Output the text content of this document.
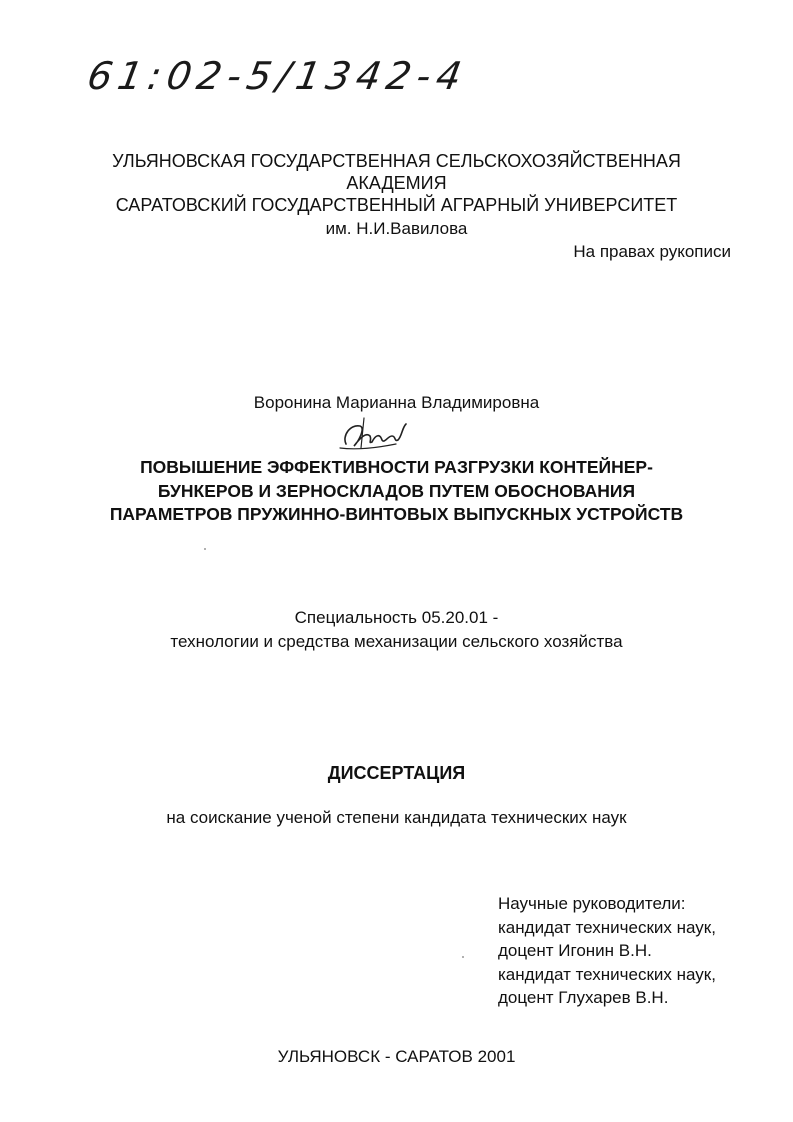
61:02-5/1342-4
УЛЬЯНОВСКАЯ ГОСУДАРСТВЕННАЯ СЕЛЬСКОХОЗЯЙСТВЕННАЯ
АКАДЕМИЯ
САРАТОВСКИЙ ГОСУДАРСТВЕННЫЙ АГРАРНЫЙ УНИВЕРСИТЕТ
им. Н.И.Вавилова
На правах рукописи
Воронина Марианна Владимировна
ПОВЫШЕНИЕ ЭФФЕКТИВНОСТИ РАЗГРУЗКИ КОНТЕЙНЕР-
БУНКЕРОВ И ЗЕРНОСКЛАДОВ ПУТЕМ ОБОСНОВАНИЯ
ПАРАМЕТРОВ ПРУЖИННО-ВИНТОВЫХ ВЫПУСКНЫХ УСТРОЙСТВ
Специальность 05.20.01 -
технологии и средства механизации сельского хозяйства
ДИССЕРТАЦИЯ
на соискание ученой степени кандидата технических наук
Научные руководители:
кандидат технических наук,
доцент Игонин В.Н.
кандидат технических наук,
доцент Глухарев В.Н.
УЛЬЯНОВСК - САРАТОВ 2001
